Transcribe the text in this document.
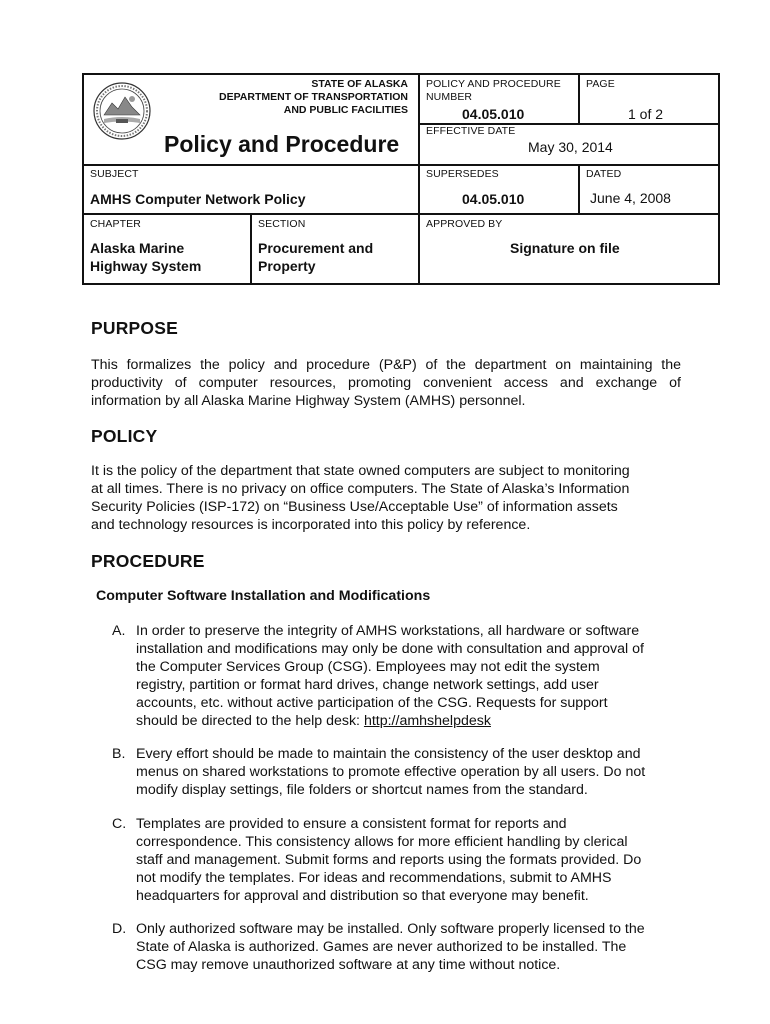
STATE OF ALASKA
DEPARTMENT OF TRANSPORTATION
AND PUBLIC FACILITIES
Policy and Procedure
POLICY AND PROCEDURE
NUMBER
04.05.010
PAGE
1 of 2
EFFECTIVE DATE
May 30, 2014
SUBJECT
AMHS Computer Network Policy
SUPERSEDES
04.05.010
DATED
June 4, 2008
CHAPTER
Alaska Marine
Highway System
SECTION
Procurement and
Property
APPROVED BY
Signature on file
PURPOSE
This formalizes the policy and procedure (P&P) of the department on maintaining the productivity of computer resources, promoting convenient access and exchange of information by all Alaska Marine Highway System (AMHS) personnel.
POLICY
It is the policy of the department that state owned computers are subject to monitoring
at all times. There is no privacy on office computers. The State of Alaska’s Information
Security Policies (ISP-172) on “Business Use/Acceptable Use” of information assets
and technology resources is incorporated into this policy by reference.
PROCEDURE
Computer Software Installation and Modifications
A. In order to preserve the integrity of AMHS workstations, all hardware or software
installation and modifications may only be done with consultation and approval of
the Computer Services Group (CSG). Employees may not edit the system
registry, partition or format hard drives, change network settings, add user
accounts, etc. without active participation of the CSG. Requests for support
should be directed to the help desk: http://amhshelpdesk
B. Every effort should be made to maintain the consistency of the user desktop and
menus on shared workstations to promote effective operation by all users. Do not
modify display settings, file folders or shortcut names from the standard.
C. Templates are provided to ensure a consistent format for reports and
correspondence. This consistency allows for more efficient handling by clerical
staff and management. Submit forms and reports using the formats provided. Do
not modify the templates. For ideas and recommendations, submit to AMHS
headquarters for approval and distribution so that everyone may benefit.
D. Only authorized software may be installed. Only software properly licensed to the
State of Alaska is authorized. Games are never authorized to be installed. The
CSG may remove unauthorized software at any time without notice.
